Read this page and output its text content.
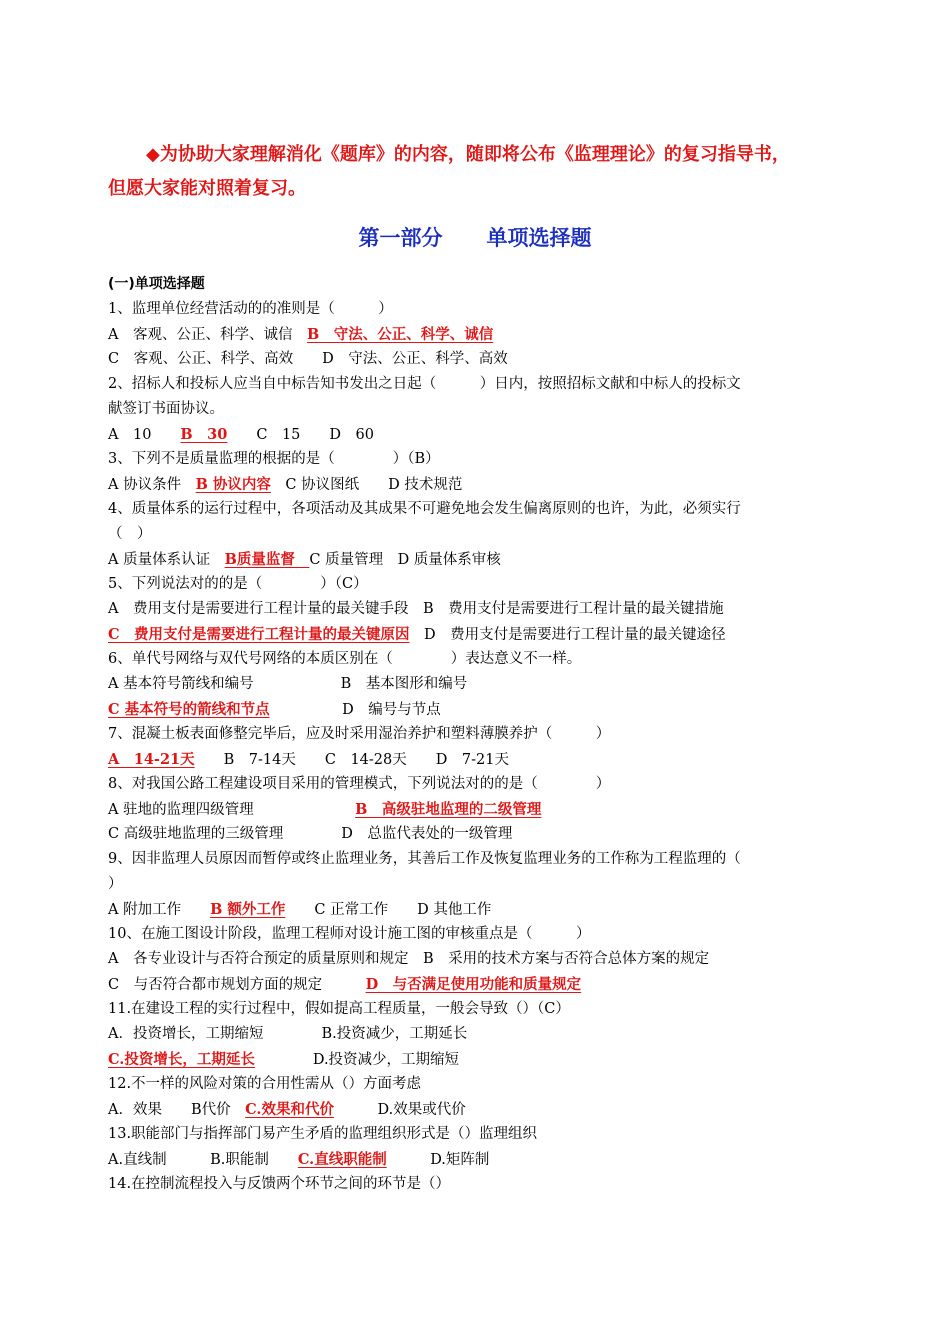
◆为协助大家理解消化《题库》的内容，随即将公布《监理理论》的复习指导书，
但愿大家能对照着复习。
第一部分 单项选择题
(一)单项选择题
1、监理单位经营活动的的准则是（　　　）
A　客观、公正、科学、诚信　B　守法、公正、科学、诚信
C　客观、公正、科学、高效　　D　守法、公正、科学、高效
2、招标人和投标人应当自中标告知书发出之日起（　　　）日内，按照招标文献和中标人的投标文
献签订书面协议。
A　10　　B　30　　C　15　　D　60
3、下列不是质量监理的根据的是（　　　　）（B）
A 协议条件　B 协议内容　C 协议图纸　　D 技术规范
4、质量体系的运行过程中，各项活动及其成果不可避免地会发生偏离原则的也许，为此，必须实行
（　）
A 质量体系认证　B质量监督　C 质量管理　D 质量体系审核
5、下列说法对的的是（　　　　）（C）
A　费用支付是需要进行工程计量的最关键手段　B　费用支付是需要进行工程计量的最关键措施
C　费用支付是需要进行工程计量的最关键原因　D　费用支付是需要进行工程计量的最关键途径
6、单代号网络与双代号网络的本质区别在（　　　　）表达意义不一样。
A 基本符号箭线和编号　　　　　　B　基本图形和编号
C 基本符号的箭线和节点　　　　　D　编号与节点
7、混凝土板表面修整完毕后，应及时采用湿治养护和塑料薄膜养护（　　　）
A　14-21天　　B　7-14天　　C　14-28天　　D　7-21天
8、对我国公路工程建设项目采用的管理模式，下列说法对的的是（　　　　）
A 驻地的监理四级管理　　　　　　　B　高级驻地监理的二级管理
C 高级驻地监理的三级管理　　　　D　总监代表处的一级管理
9、因非监理人员原因而暂停或终止监理业务，其善后工作及恢复监理业务的工作称为工程监理的（
）
A 附加工作　　B 额外工作　　C 正常工作　　D 其他工作
10、在施工图设计阶段，监理工程师对设计施工图的审核重点是（　　　）
A　各专业设计与否符合预定的质量原则和规定　B　采用的技术方案与否符合总体方案的规定
C　与否符合都市规划方面的规定　　　D　与否满足使用功能和质量规定
11.在建设工程的实行过程中，假如提高工程质量，一般会导致（）（C）
A．投资增长，工期缩短　　　　B.投资减少，工期延长
C.投资增长，工期延长　　　　D.投资减少，工期缩短
12.不一样的风险对策的合用性需从（）方面考虑
A．效果　　B代价　C.效果和代价　　　D.效果或代价
13.职能部门与指挥部门易产生矛盾的监理组织形式是（）监理组织
A.直线制　　　B.职能制　　C.直线职能制　　　D.矩阵制
14.在控制流程投入与反馈两个环节之间的环节是（）
